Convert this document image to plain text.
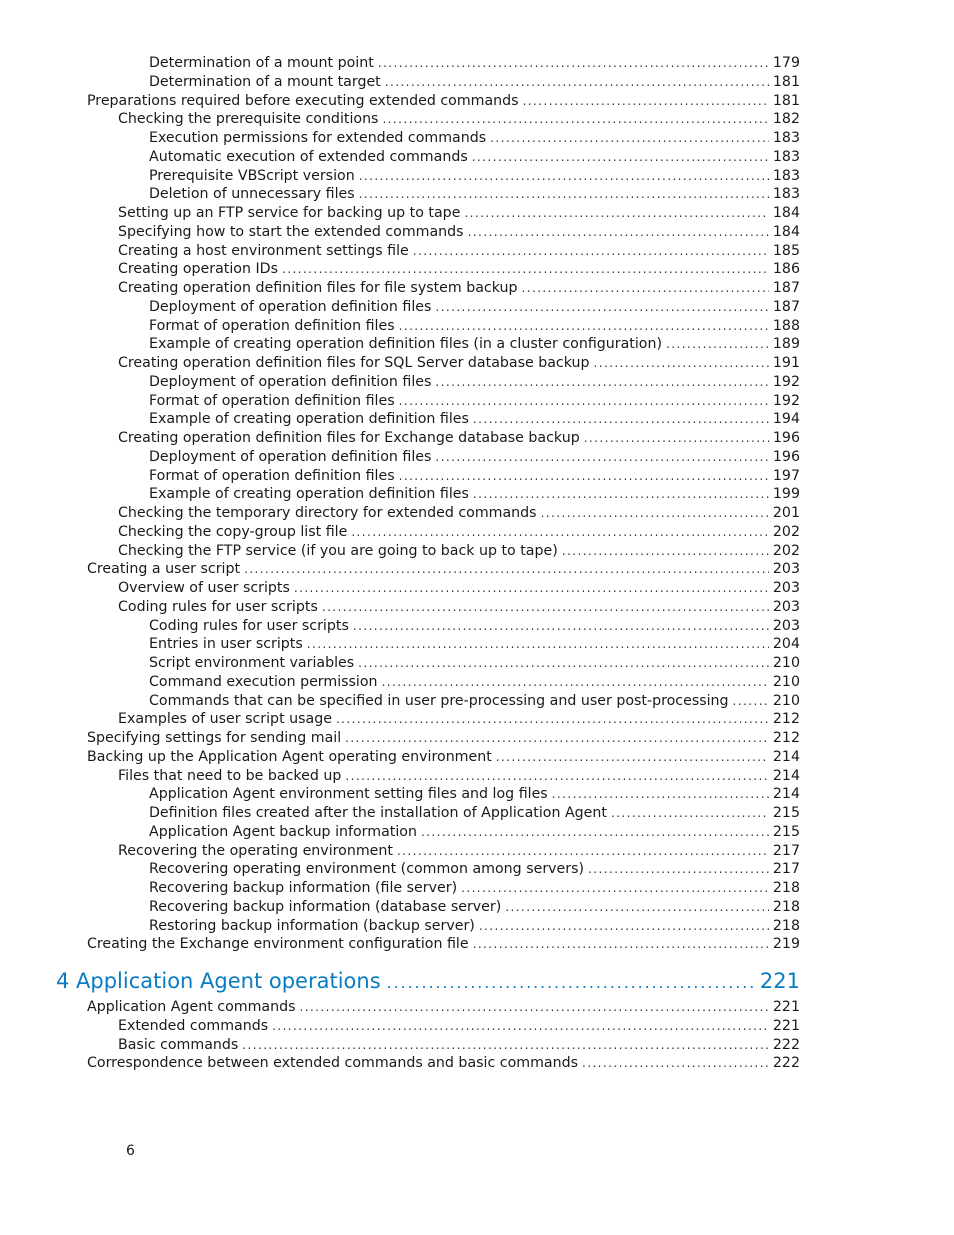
Determination of a mount point . . .	179
Determination of a mount target . . .	181
Preparations required before executing extended commands . . .	181
Checking the prerequisite conditions . . .	182
Execution permissions for extended commands . . .	183
Automatic execution of extended commands . . .	183
Prerequisite VBScript version . . .	183
Deletion of unnecessary files . . .	183
Setting up an FTP service for backing up to tape . . .	184
Specifying how to start the extended commands . . .	184
Creating a host environment settings file . . .	185
Creating operation IDs . . .	186
Creating operation definition files for file system backup . . .	187
Deployment of operation definition files . . .	187
Format of operation definition files . . .	188
Example of creating operation definition files (in a cluster configuration) . . .	189
Creating operation definition files for SQL Server database backup . . .	191
Deployment of operation definition files . . .	192
Format of operation definition files . . .	192
Example of creating operation definition files . . .	194
Creating operation definition files for Exchange database backup . . .	196
Deployment of operation definition files . . .	196
Format of operation definition files . . .	197
Example of creating operation definition files . . .	199
Checking the temporary directory for extended commands . . .	201
Checking the copy-group list file . . .	202
Checking the FTP service (if you are going to back up to tape) . . .	202
Creating a user script . . .	203
Overview of user scripts . . .	203
Coding rules for user scripts . . .	203
Coding rules for user scripts . . .	203
Entries in user scripts . . .	204
Script environment variables . . .	210
Command execution permission . . .	210
Commands that can be specified in user pre-processing and user post-processing . . .	210
Examples of user script usage . . .	212
Specifying settings for sending mail . . .	212
Backing up the Application Agent operating environment . . .	214
Files that need to be backed up . . .	214
Application Agent environment setting files and log files . . .	214
Definition files created after the installation of Application Agent . . .	215
Application Agent backup information . . .	215
Recovering the operating environment . . .	217
Recovering operating environment (common among servers) . . .	217
Recovering backup information (file server) . . .	218
Recovering backup information (database server) . . .	218
Restoring backup information (backup server) . . .	218
Creating the Exchange environment configuration file . . .	219
4 Application Agent operations . . .	221
Application Agent commands . . .	221
Extended commands . . .	221
Basic commands . . .	222
Correspondence between extended commands and basic commands . . .	222
6
